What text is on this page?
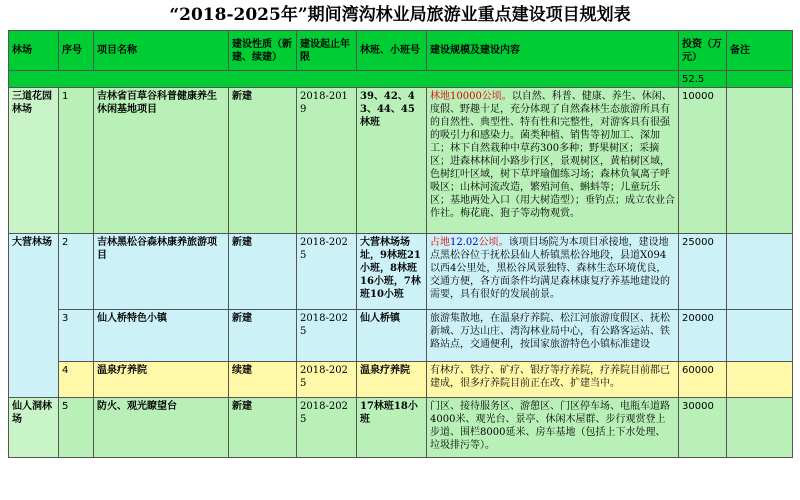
“2018-2025年”期间湾沟林业局旅游业重点建设项目规划表
林场	序号	项目名称	建设性质（新建、续建）	建设起止年限	林班、小班号	建设规模及建设内容	投资（万元）	备注
							52.5	
三道花园林场	1	吉林省百草谷科普健康养生休闲基地项目	新建	2018-2019	39、42、43、44、45林班	林地10000公顷。以自然、科普、健康、养生、休闲、度假、野趣十足，充分体现了自然森林生态旅游所具有的自然性、典型性、特有性和完整性，对游客具有很强的吸引力和感染力。菌类种植、销售等初加工、深加工；林下自然栽种中草药300多种；野果树区；采摘区；进森林林间小路步行区，景观树区，黄柏树区域，色树红叶区域，树下草坪瑜伽练习场；森林负氧离子呼吸区；山林河流改造，繁殖河鱼、蝌蚪等；儿童玩乐区；基地两处入口（用大树造型）；垂钓点；成立农业合作社。梅花鹿、狍子等动物观赏。	10000	
大营林场	2	吉林黑松谷森林康养旅游项目	新建	2018-2025	大营林场场址，9林班21小班，8林班16小班，7林班10小班	占地12.02公顷。该项目场院为本项目承接地，建设地点黑松谷位于抚松县仙人桥镇黑松谷地段，县道X094以西4公里处，黑松谷风景独特、森林生态环境优良，交通方便，各方面条件均满足森林康复疗养基地建设的需要，具有很好的发展前景。	25000	
	3	仙人桥特色小镇	新建	2018-2025	仙人桥镇	旅游集散地，在温泉疗养院、松江河旅游度假区、抚松新城、万达山庄、湾沟林业局中心，有公路客运站、铁路站点，交通便利，按国家旅游特色小镇标准建设	20000	
	4	温泉疗养院	续建	2018-2025	温泉疗养院	有林疗、铁疗、矿疗、银疗等疗养院，疗养院目前都已建成，很多疗养院目前正在改、扩建当中。	60000	
仙人洞林场	5	防火、观光瞭望台	新建	2018-2025	17林班18小班	门区、接待服务区、游憩区、门区停车场、电瓶车道路4000米、观光台、景亭、休闲木屋群、步行观赏登上步道、围栏8000延米、房车基地（包括上下水处理、垃圾排污等）。	30000	
